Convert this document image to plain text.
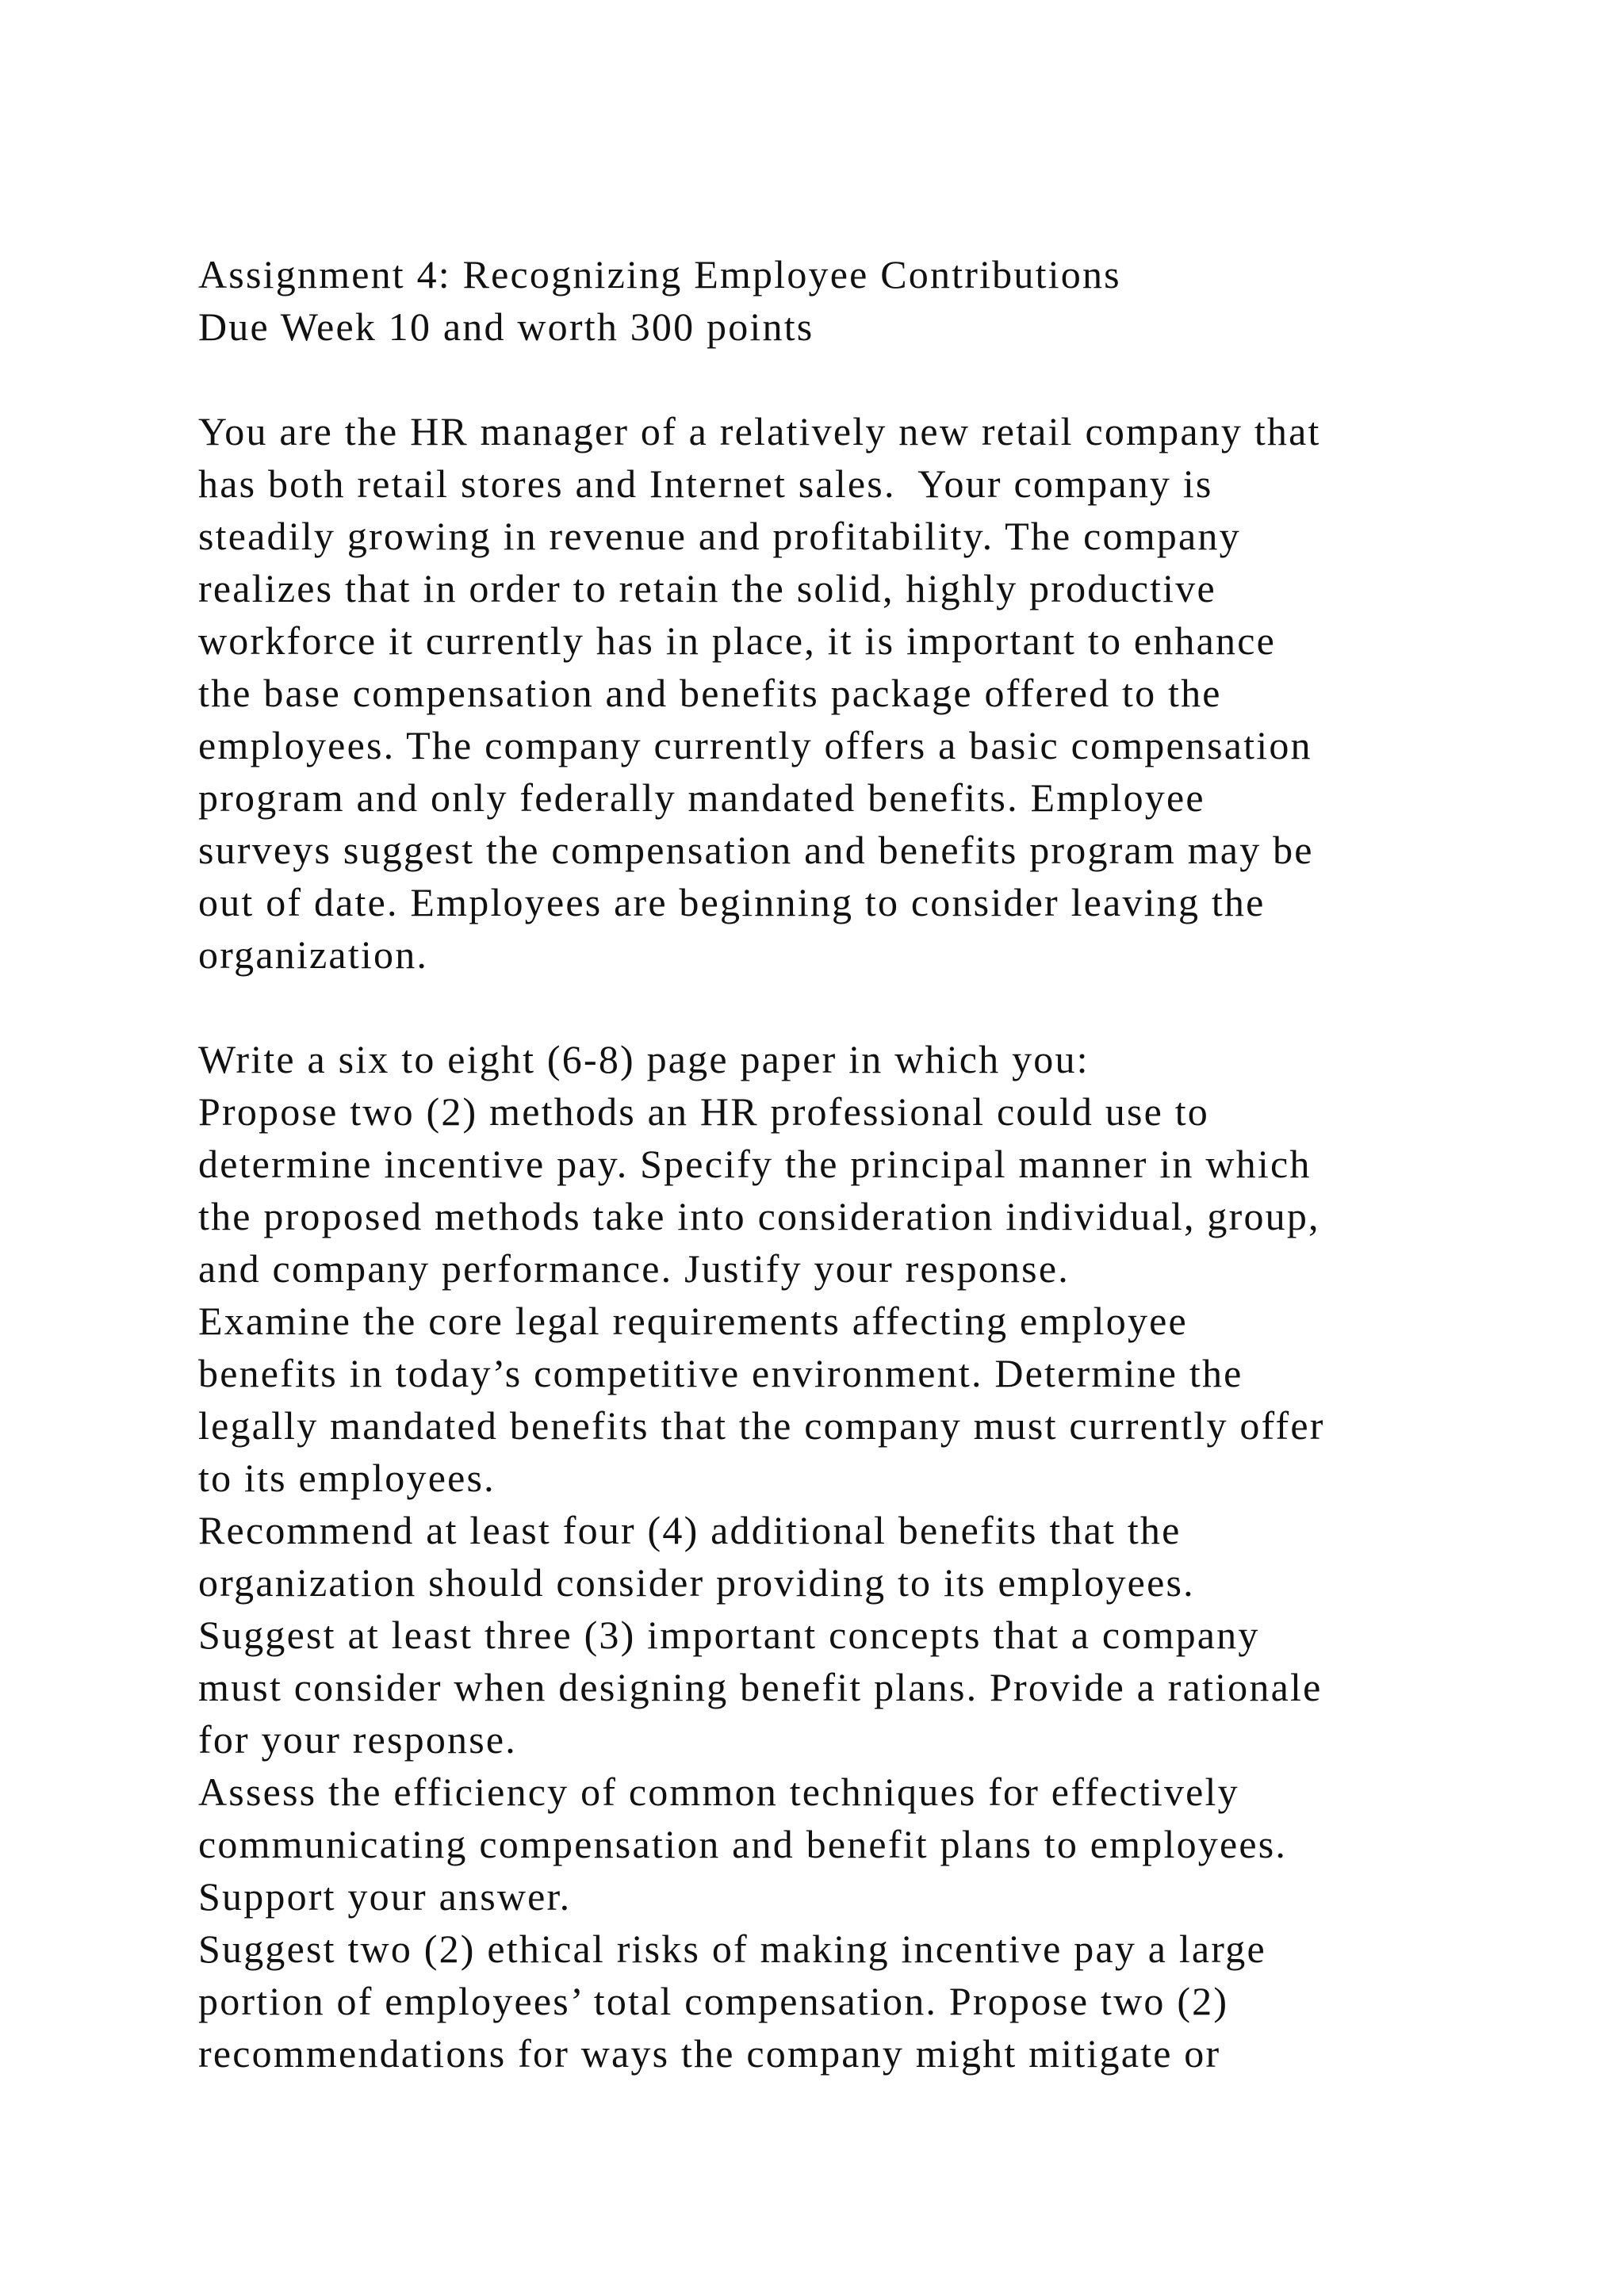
Assignment 4: Recognizing Employee Contributions
Due Week 10 and worth 300 points
You are the HR manager of a relatively new retail company that
has both retail stores and Internet sales.  Your company is
steadily growing in revenue and profitability. The company
realizes that in order to retain the solid, highly productive
workforce it currently has in place, it is important to enhance
the base compensation and benefits package offered to the
employees. The company currently offers a basic compensation
program and only federally mandated benefits. Employee
surveys suggest the compensation and benefits program may be
out of date. Employees are beginning to consider leaving the
organization.
Write a six to eight (6-8) page paper in which you:
Propose two (2) methods an HR professional could use to
determine incentive pay. Specify the principal manner in which
the proposed methods take into consideration individual, group,
and company performance. Justify your response.
Examine the core legal requirements affecting employee
benefits in today’s competitive environment. Determine the
legally mandated benefits that the company must currently offer
to its employees.
Recommend at least four (4) additional benefits that the
organization should consider providing to its employees.
Suggest at least three (3) important concepts that a company
must consider when designing benefit plans. Provide a rationale
for your response.
Assess the efficiency of common techniques for effectively
communicating compensation and benefit plans to employees.
Support your answer.
Suggest two (2) ethical risks of making incentive pay a large
portion of employees’ total compensation. Propose two (2)
recommendations for ways the company might mitigate or
